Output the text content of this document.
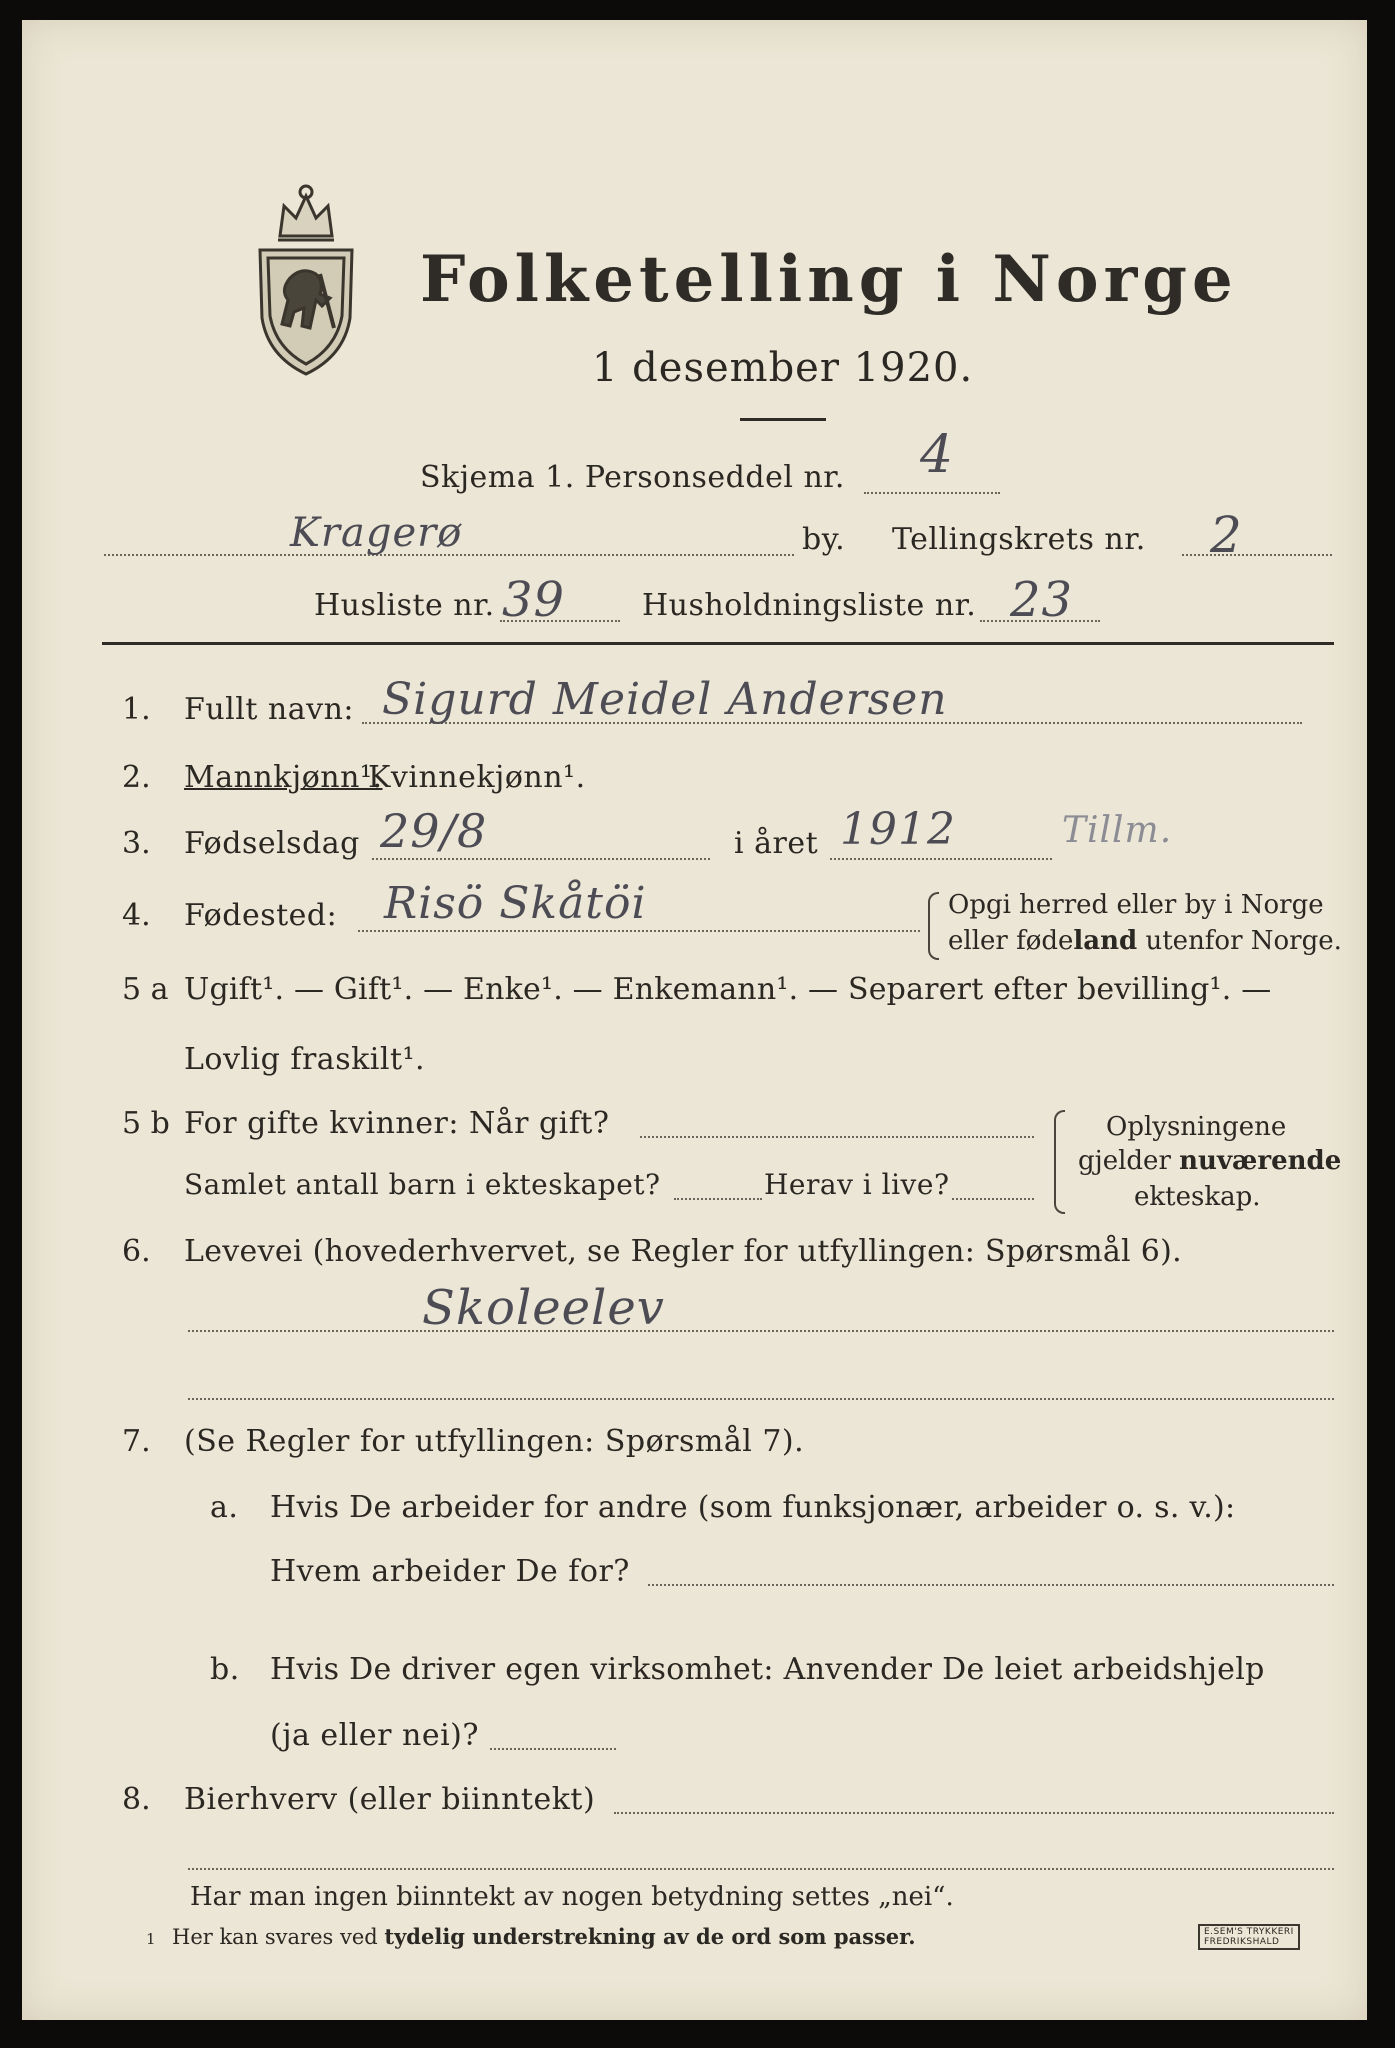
Folketelling i Norge
1 desember 1920.
Skjema 1. Personseddel nr. 4
Kragerø	by. Tellingskrets nr. 2
Husliste nr. 39	Husholdningsliste nr. 23
1. Fullt navn: Sigurd Meidel Andersen
2. Mannkjønn¹.
Kvinnekjønn¹.
3. Fødselsdag 29/8	i året 1912	Tillm.
4. Fødested: Risö Skåtöi	Opgi herred eller by i Norge
eller fødeland utenfor Norge.
5 a Ugift¹. — Gift¹. — Enke¹. — Enkemann¹. — Separert efter bevilling¹. —
Lovlig fraskilt¹.
5 b For gifte kvinner: Når gift?
Samlet antall barn i ekteskapet?	Herav i live?
Oplysningene
gjelder nuværende
ekteskap.
6. Levevei (hovederhvervet, se Regler for utfyllingen: Spørsmål 6).
Skoleelev
7. (Se Regler for utfyllingen: Spørsmål 7).
a. Hvis De arbeider for andre (som funksjonær, arbeider o. s. v.):
Hvem arbeider De for?
b. Hvis De driver egen virksomhet: Anvender De leiet arbeidshjelp
(ja eller nei)?
8. Bierhverv (eller biinntekt)
Har man ingen biinntekt av nogen betydning settes „nei“.
1 Her kan svares ved tydelig understrekning av de ord som passer.	E.SEM'S TRYKKERI
FREDRIKSHALD
